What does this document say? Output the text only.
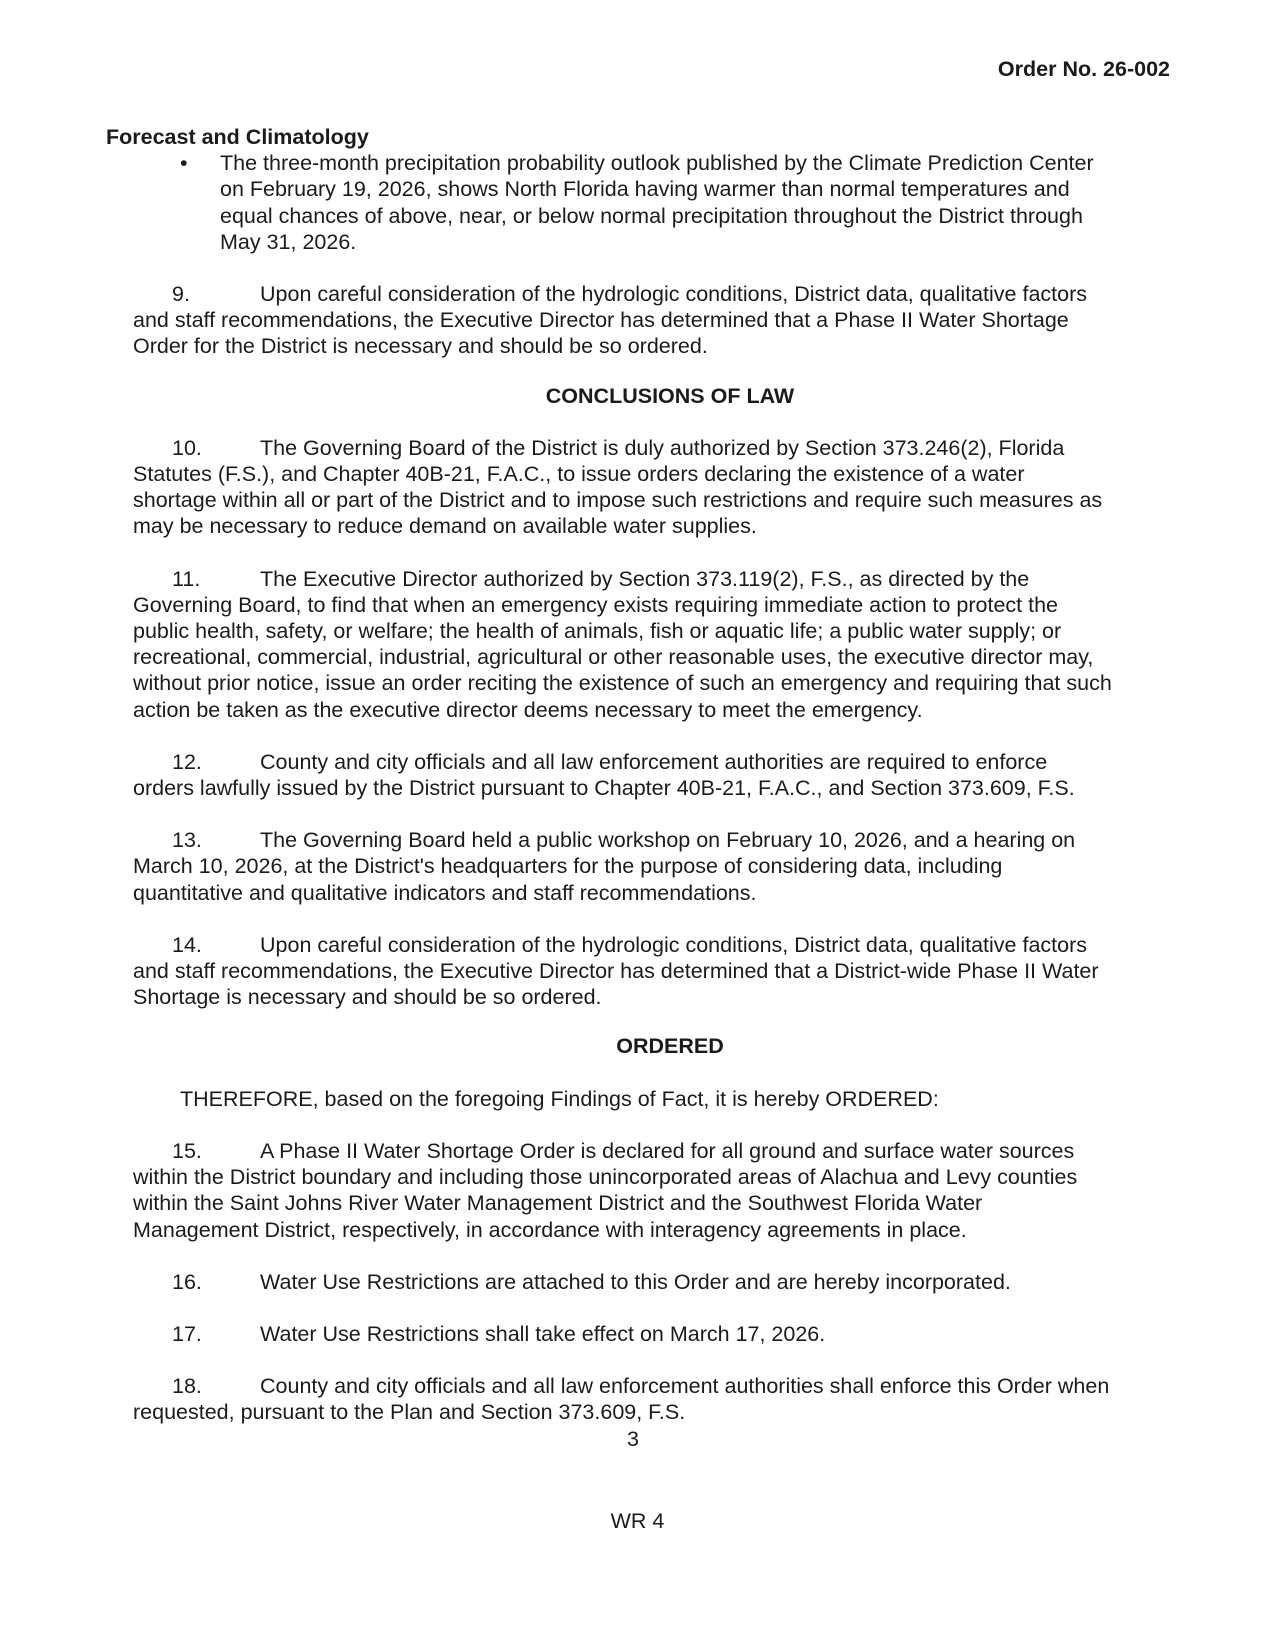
Order No. 26-002
Forecast and Climatology
• The three-month precipitation probability outlook published by the Climate Prediction Center on February 19, 2026, shows North Florida having warmer than normal temperatures and equal chances of above, near, or below normal precipitation throughout the District through May 31, 2026.

9.	Upon careful consideration of the hydrologic conditions, District data, qualitative factors and staff recommendations, the Executive Director has determined that a Phase II Water Shortage Order for the District is necessary and should be so ordered.

CONCLUSIONS OF LAW

10.	The Governing Board of the District is duly authorized by Section 373.246(2), Florida Statutes (F.S.), and Chapter 40B-21, F.A.C., to issue orders declaring the existence of a water shortage within all or part of the District and to impose such restrictions and require such measures as may be necessary to reduce demand on available water supplies.

11.	The Executive Director authorized by Section 373.119(2), F.S., as directed by the Governing Board, to find that when an emergency exists requiring immediate action to protect the public health, safety, or welfare; the health of animals, fish or aquatic life; a public water supply; or recreational, commercial, industrial, agricultural or other reasonable uses, the executive director may, without prior notice, issue an order reciting the existence of such an emergency and requiring that such action be taken as the executive director deems necessary to meet the emergency.

12.	County and city officials and all law enforcement authorities are required to enforce orders lawfully issued by the District pursuant to Chapter 40B-21, F.A.C., and Section 373.609, F.S.

13.	The Governing Board held a public workshop on February 10, 2026, and a hearing on March 10, 2026, at the District's headquarters for the purpose of considering data, including quantitative and qualitative indicators and staff recommendations.

14.	Upon careful consideration of the hydrologic conditions, District data, qualitative factors and staff recommendations, the Executive Director has determined that a District-wide Phase II Water Shortage is necessary and should be so ordered.

ORDERED

THEREFORE, based on the foregoing Findings of Fact, it is hereby ORDERED:

15.	A Phase II Water Shortage Order is declared for all ground and surface water sources within the District boundary and including those unincorporated areas of Alachua and Levy counties within the Saint Johns River Water Management District and the Southwest Florida Water Management District, respectively, in accordance with interagency agreements in place.

16.	Water Use Restrictions are attached to this Order and are hereby incorporated.

17.	Water Use Restrictions shall take effect on March 17, 2026.

18.	County and city officials and all law enforcement authorities shall enforce this Order when requested, pursuant to the Plan and Section 373.609, F.S.

3
WR 4
